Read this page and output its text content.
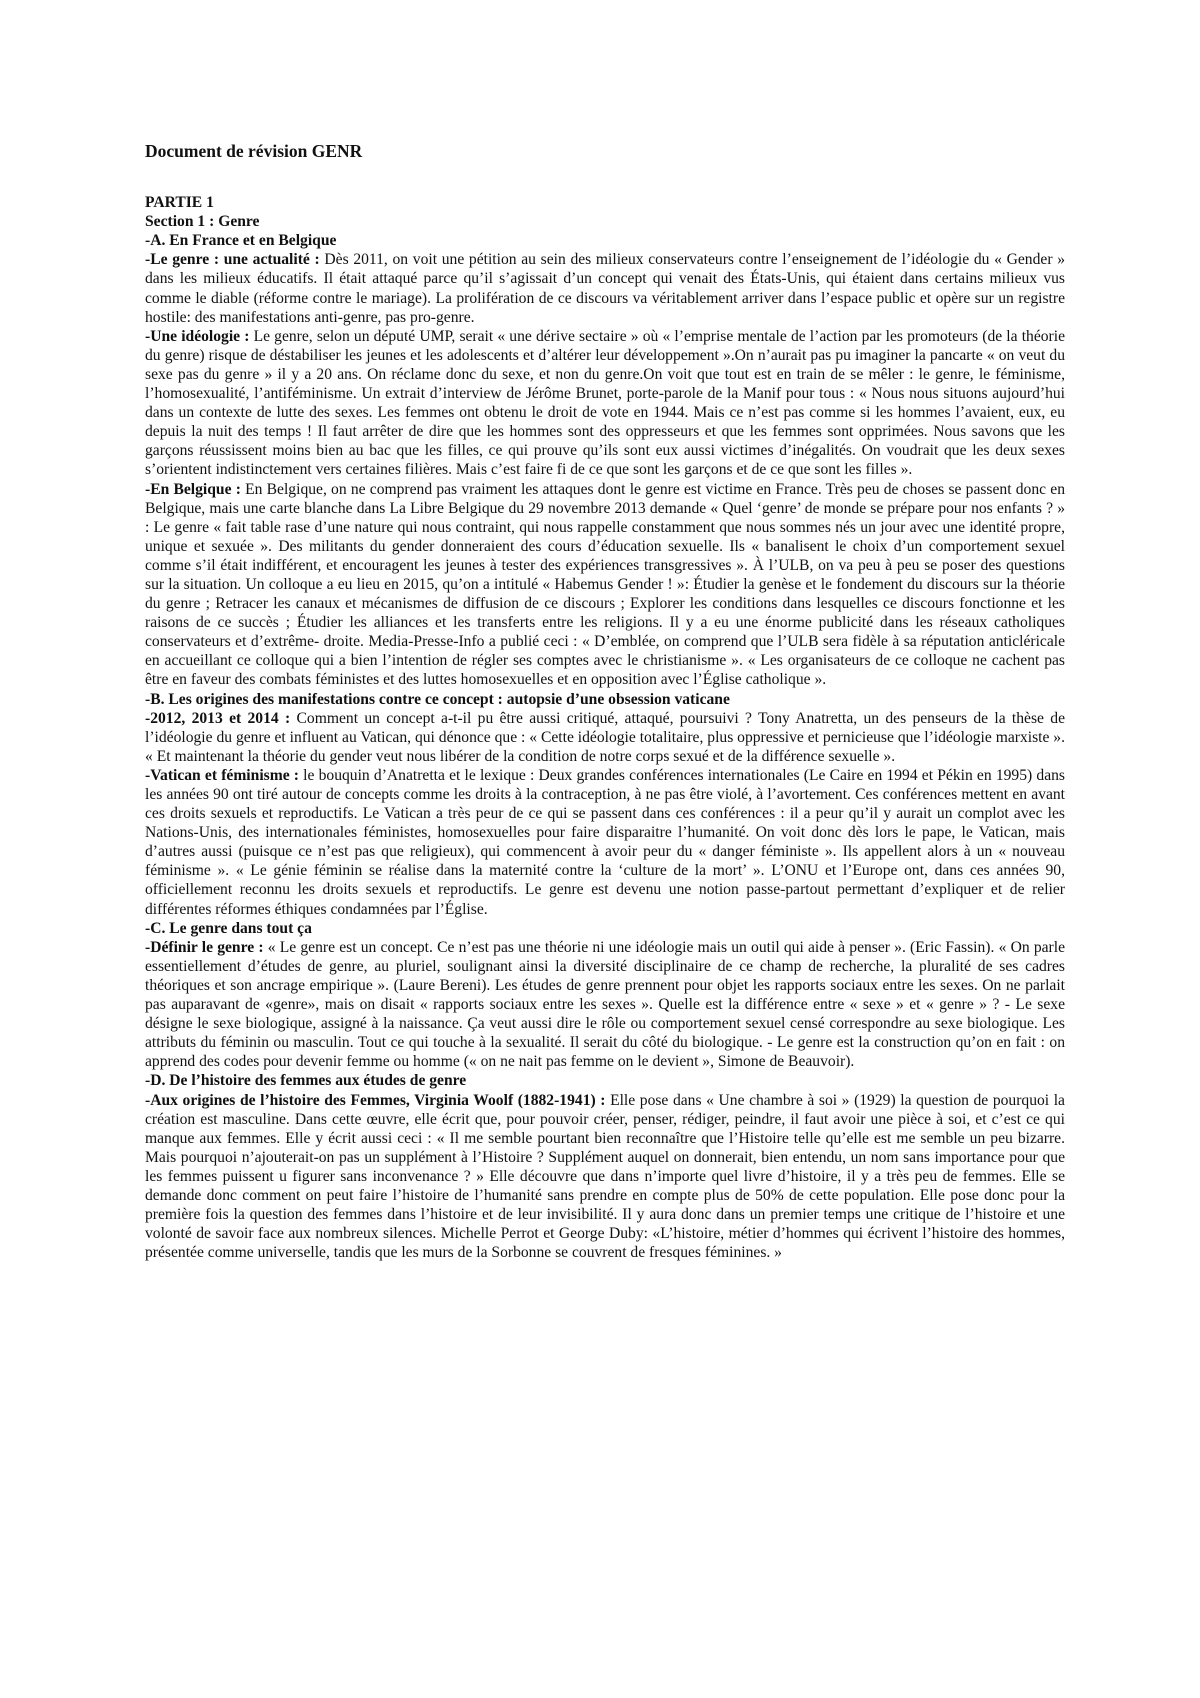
Document de révision GENR

PARTIE 1

Section 1 : Genre

-A. En France et en Belgique

-Le genre : une actualité : Dès 2011, on voit une pétition au sein des milieux conservateurs contre l’enseignement de l’idéologie du « Gender » dans les milieux éducatifs. Il était attaqué parce qu’il s’agissait d’un concept qui venait des États-Unis, qui étaient dans certains milieux vus comme le diable (réforme contre le mariage). La prolifération de ce discours va véritablement arriver dans l’espace public et opère sur un registre hostile: des manifestations anti-genre, pas pro-genre.

-Une idéologie : Le genre, selon un député UMP, serait « une dérive sectaire » où « l’emprise mentale de l’action par les promoteurs (de la théorie du genre) risque de déstabiliser les jeunes et les adolescents et d’altérer leur développement ».On n’aurait pas pu imaginer la pancarte « on veut du sexe pas du genre » il y a 20 ans. On réclame donc du sexe, et non du genre.On voit que tout est en train de se mêler : le genre, le féminisme, l’homosexualité, l’antiféminisme. Un extrait d’interview de Jérôme Brunet, porte-parole de la Manif pour tous : « Nous nous situons aujourd’hui dans un contexte de lutte des sexes. Les femmes ont obtenu le droit de vote en 1944. Mais ce n’est pas comme si les hommes l’avaient, eux, eu depuis la nuit des temps ! Il faut arrêter de dire que les hommes sont des oppresseurs et que les femmes sont opprimées. Nous savons que les garçons réussissent moins bien au bac que les filles, ce qui prouve qu’ils sont eux aussi victimes d’inégalités. On voudrait que les deux sexes s’orientent indistinctement vers certaines filières. Mais c’est faire fi de ce que sont les garçons et de ce que sont les filles ».

-En Belgique : En Belgique, on ne comprend pas vraiment les attaques dont le genre est victime en France. Très peu de choses se passent donc en Belgique, mais une carte blanche dans La Libre Belgique du 29 novembre 2013 demande « Quel ‘genre’ de monde se prépare pour nos enfants ? » : Le genre « fait table rase d’une nature qui nous contraint, qui nous rappelle constamment que nous sommes nés un jour avec une identité propre, unique et sexuée ». Des militants du gender donneraient des cours d’éducation sexuelle. Ils « banalisent le choix d’un comportement sexuel comme s’il était indifférent, et encouragent les jeunes à tester des expériences transgressives ». À l’ULB, on va peu à peu se poser des questions sur la situation. Un colloque a eu lieu en 2015, qu’on a intitulé « Habemus Gender ! »: Étudier la genèse et le fondement du discours sur la théorie du genre ; Retracer les canaux et mécanismes de diffusion de ce discours ; Explorer les conditions dans lesquelles ce discours fonctionne et les raisons de ce succès ; Étudier les alliances et les transferts entre les religions. Il y a eu une énorme publicité dans les réseaux catholiques conservateurs et d’extrême- droite. Media-Presse-Info a publié ceci : « D’emblée, on comprend que l’ULB sera fidèle à sa réputation anticléricale en accueillant ce colloque qui a bien l’intention de régler ses comptes avec le christianisme ». « Les organisateurs de ce colloque ne cachent pas être en faveur des combats féministes et des luttes homosexuelles et en opposition avec l’Église catholique ».

-B. Les origines des manifestations contre ce concept : autopsie d’une obsession vaticane

-2012, 2013 et 2014 : Comment un concept a-t-il pu être aussi critiqué, attaqué, poursuivi ? Tony Anatretta, un des penseurs de la thèse de l’idéologie du genre et influent au Vatican, qui dénonce que : « Cette idéologie totalitaire, plus oppressive et pernicieuse que l’idéologie marxiste ». « Et maintenant la théorie du gender veut nous libérer de la condition de notre corps sexué et de la différence sexuelle ».

-Vatican et féminisme : le bouquin d’Anatretta et le lexique : Deux grandes conférences internationales (Le Caire en 1994 et Pékin en 1995) dans les années 90 ont tiré autour de concepts comme les droits à la contraception, à ne pas être violé, à l’avortement. Ces conférences mettent en avant ces droits sexuels et reproductifs. Le Vatican a très peur de ce qui se passent dans ces conférences : il a peur qu’il y aurait un complot avec les Nations-Unis, des internationales féministes, homosexuelles pour faire disparaitre l’humanité. On voit donc dès lors le pape, le Vatican, mais d’autres aussi (puisque ce n’est pas que religieux), qui commencent à avoir peur du « danger féministe ». Ils appellent alors à un « nouveau féminisme ». « Le génie féminin se réalise dans la maternité contre la ‘culture de la mort’ ». L’ONU et l’Europe ont, dans ces années 90, officiellement reconnu les droits sexuels et reproductifs. Le genre est devenu une notion passe-partout permettant d’expliquer et de relier différentes réformes éthiques condamnées par l’Église.

-C. Le genre dans tout ça

-Définir le genre : « Le genre est un concept. Ce n’est pas une théorie ni une idéologie mais un outil qui aide à penser ». (Eric Fassin). « On parle essentiellement d’études de genre, au pluriel, soulignant ainsi la diversité disciplinaire de ce champ de recherche, la pluralité de ses cadres théoriques et son ancrage empirique ». (Laure Bereni). Les études de genre prennent pour objet les rapports sociaux entre les sexes. On ne parlait pas auparavant de «genre», mais on disait « rapports sociaux entre les sexes ». Quelle est la différence entre « sexe » et « genre » ? - Le sexe désigne le sexe biologique, assigné à la naissance. Ça veut aussi dire le rôle ou comportement sexuel censé correspondre au sexe biologique. Les attributs du féminin ou masculin. Tout ce qui touche à la sexualité. Il serait du côté du biologique. - Le genre est la construction qu’on en fait : on apprend des codes pour devenir femme ou homme (« on ne nait pas femme on le devient », Simone de Beauvoir).

-D. De l’histoire des femmes aux études de genre

-Aux origines de l’histoire des Femmes, Virginia Woolf (1882-1941) : Elle pose dans « Une chambre à soi » (1929) la question de pourquoi la création est masculine. Dans cette œuvre, elle écrit que, pour pouvoir créer, penser, rédiger, peindre, il faut avoir une pièce à soi, et c’est ce qui manque aux femmes. Elle y écrit aussi ceci : « Il me semble pourtant bien reconnaître que l’Histoire telle qu’elle est me semble un peu bizarre. Mais pourquoi n’ajouterait-on pas un supplément à l’Histoire ? Supplément auquel on donnerait, bien entendu, un nom sans importance pour que les femmes puissent u figurer sans inconvenance ? » Elle découvre que dans n’importe quel livre d’histoire, il y a très peu de femmes. Elle se demande donc comment on peut faire l’histoire de l’humanité sans prendre en compte plus de 50% de cette population. Elle pose donc pour la première fois la question des femmes dans l’histoire et de leur invisibilité. Il y aura donc dans un premier temps une critique de l’histoire et une volonté de savoir face aux nombreux silences. Michelle Perrot et George Duby: «L’histoire, métier d’hommes qui écrivent l’histoire des hommes, présentée comme universelle, tandis que les murs de la Sorbonne se couvrent de fresques féminines. »
